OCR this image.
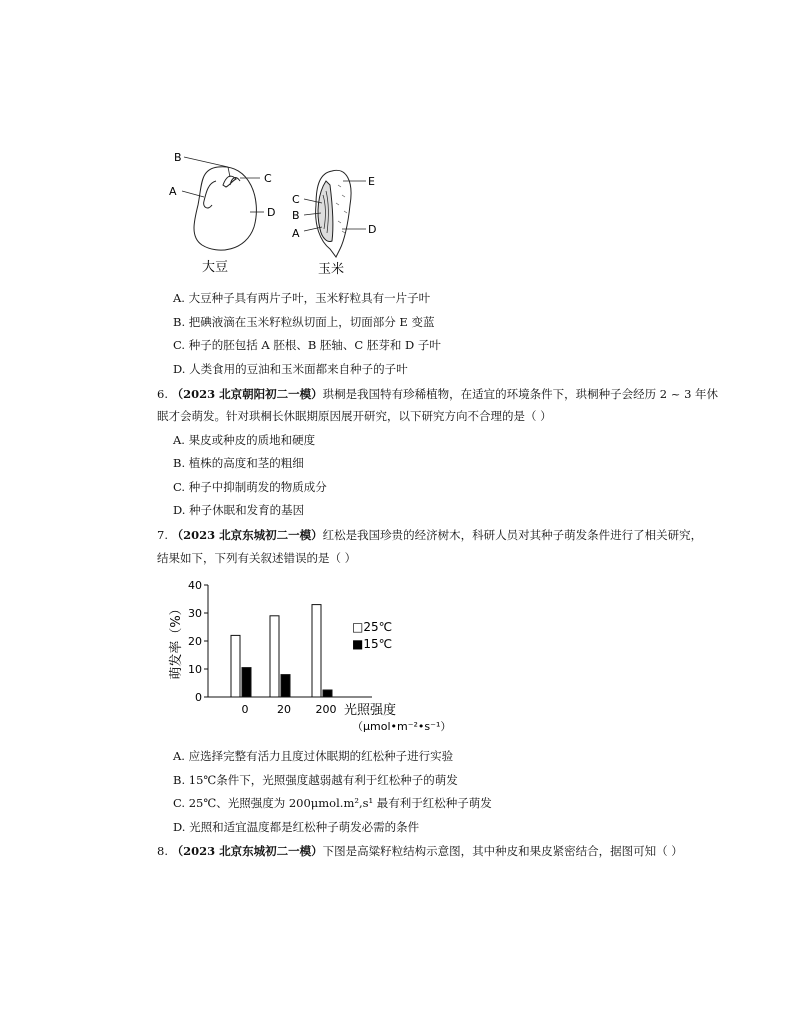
B
C
A
D
大豆
E
C
B
D
A
玉米
A. 大豆种子具有两片子叶，玉米籽粒具有一片子叶
B. 把碘液滴在玉米籽粒纵切面上，切面部分 E 变蓝
C. 种子的胚包括 A 胚根、B 胚轴、C 胚芽和 D 子叶
D. 人类食用的豆油和玉米面都来自种子的子叶
6. （2023 北京朝阳初二一模）珙桐是我国特有珍稀植物，在适宜的环境条件下，珙桐种子会经历 2 ~ 3 年休
眠才会萌发。针对珙桐长休眠期原因展开研究，以下研究方向不合理的是（ ）
A. 果皮或种皮的质地和硬度
B. 植株的高度和茎的粗细
C. 种子中抑制萌发的物质成分
D. 种子休眠和发育的基因
7. （2023 北京东城初二一模）红松是我国珍贵的经济树木，科研人员对其种子萌发条件进行了相关研究，
结果如下，下列有关叙述错误的是（ ）
0
10
20
30
40
萌发率（%）
0	20 200 光照强度
（μmol•m⁻²•s⁻¹）
□25℃
■15℃
A. 应选择完整有活力且度过休眠期的红松种子进行实验
B. 15℃条件下，光照强度越弱越有利于红松种子的萌发
C. 25℃、光照强度为 200μmol.m²,s¹ 最有利于红松种子萌发
D. 光照和适宜温度都是红松种子萌发必需的条件
8. （2023 北京东城初二一模）下图是高粱籽粒结构示意图，其中种皮和果皮紧密结合，据图可知（ ）
